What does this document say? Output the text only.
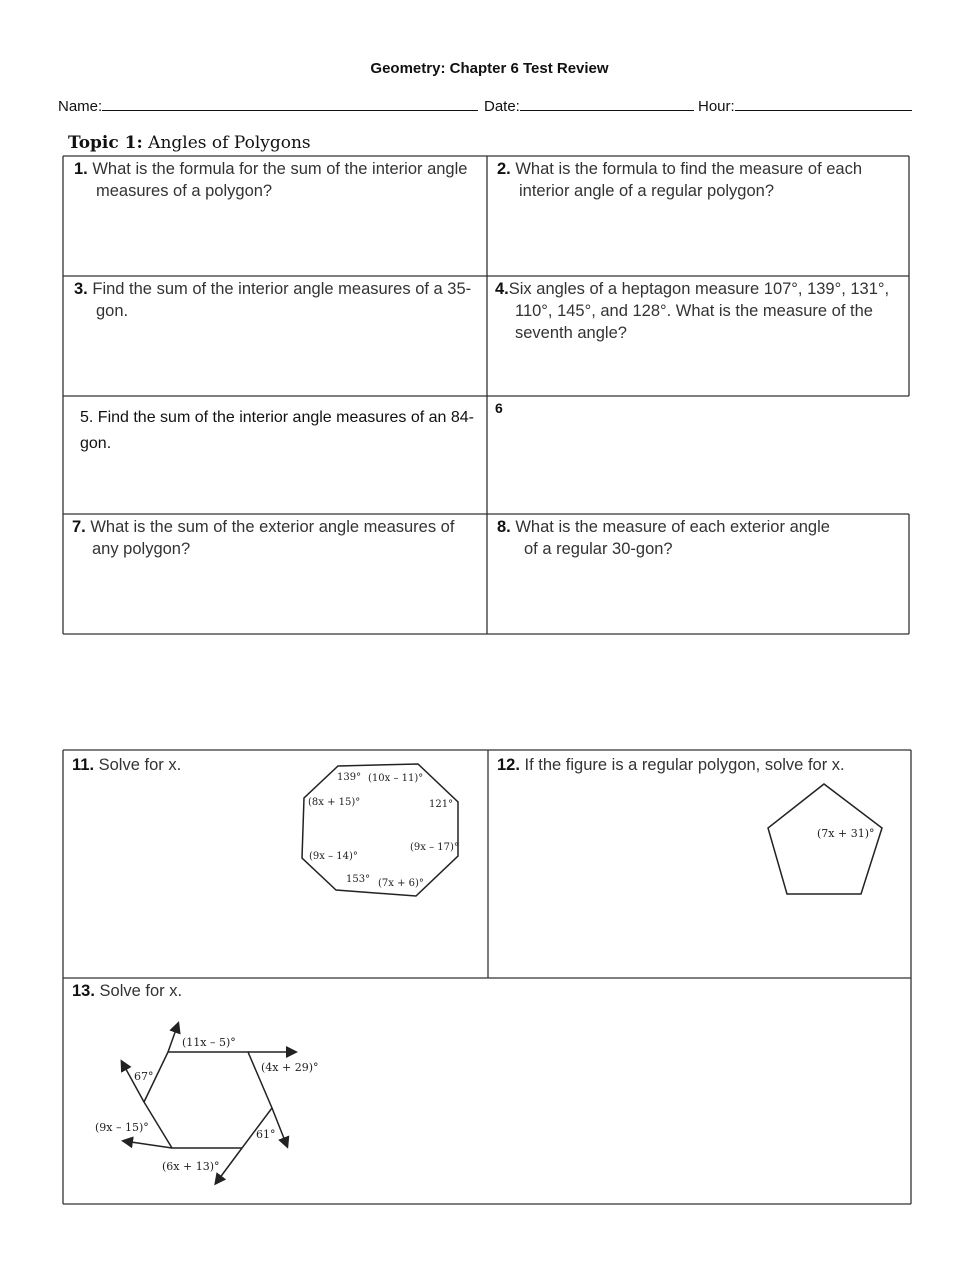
Geometry: Chapter 6 Test Review
Name:	Date:	Hour:
Topic 1: Angles of Polygons
1. What is the formula for the sum of the interior angle measures of a polygon?
2. What is the formula to find the measure of each interior angle of a regular polygon?
3. Find the sum of the interior angle measures of a 35-gon.
4.Six angles of a heptagon measure 107°, 139°, 131°, 110°, 145°, and 128°. What is the measure of the seventh angle?
5. Find the sum of the interior angle measures of an 84-gon.
6
7. What is the sum of the exterior angle measures of any polygon?
8. What is the measure of each exterior angle of a regular 30-gon?
11. Solve for x.	12. If the figure is a regular polygon, solve for x.
13. Solve for x.
139° (10x – 11)°
(8x + 15)°	121°
(9x – 17)°
(9x – 14)°
153° (7x + 6)°
(7x + 31)°
(11x – 5)°
67°
(4x + 29)°
(9x – 15)°
61°
(6x + 13)°
